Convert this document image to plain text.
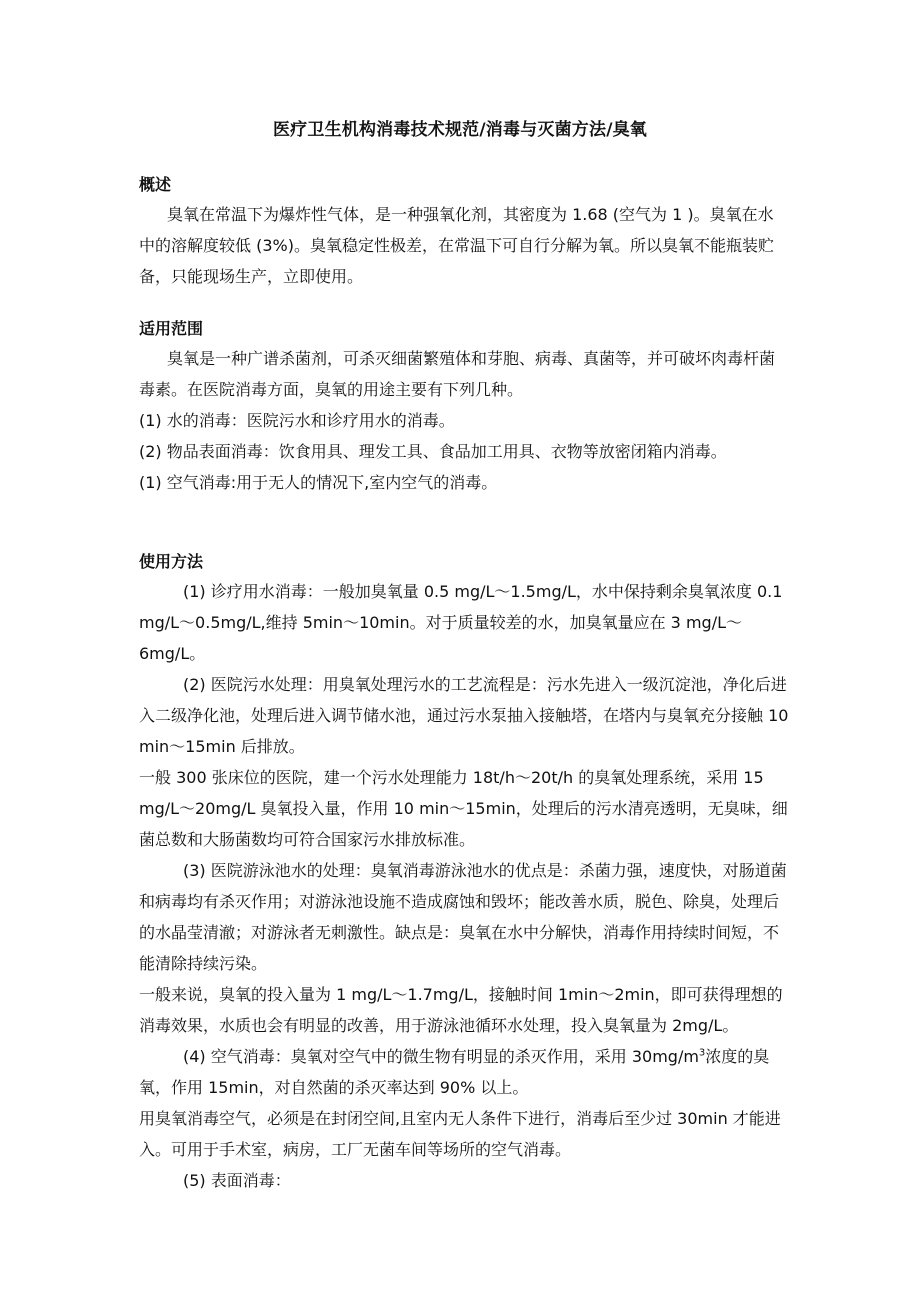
医疗卫生机构消毒技术规范/消毒与灭菌方法/臭氧
概述

臭氧在常温下为爆炸性气体，是一种强氧化剂，其密度为 1.68 (空气为 1 )。臭氧在水中的溶解度较低 (3%)。臭氧稳定性极差，在常温下可自行分解为氧。所以臭氧不能瓶装贮备，只能现场生产，立即使用。

适用范围

臭氧是一种广谱杀菌剂，可杀灭细菌繁殖体和芽胞、病毒、真菌等，并可破坏肉毒杆菌毒素。在医院消毒方面，臭氧的用途主要有下列几种。

(1) 水的消毒：医院污水和诊疗用水的消毒。

(2) 物品表面消毒：饮食用具、理发工具、食品加工用具、衣物等放密闭箱内消毒。

(1) 空气消毒:用于无人的情况下,室内空气的消毒。

使用方法

(1) 诊疗用水消毒：一般加臭氧量 0.5 mg/L～1.5mg/L，水中保持剩余臭氧浓度 0.1 mg/L～0.5mg/L,维持 5min～10min。对于质量较差的水，加臭氧量应在 3 mg/L～6mg/L。

(2) 医院污水处理：用臭氧处理污水的工艺流程是：污水先进入一级沉淀池，净化后进入二级净化池，处理后进入调节储水池，通过污水泵抽入接触塔，在塔内与臭氧充分接触 10 min～15min 后排放。

一般 300 张床位的医院，建一个污水处理能力 18t/h～20t/h 的臭氧处理系统，采用 15 mg/L～20mg/L 臭氧投入量，作用 10 min～15min，处理后的污水清亮透明，无臭味，细菌总数和大肠菌数均可符合国家污水排放标准。

(3) 医院游泳池水的处理：臭氧消毒游泳池水的优点是：杀菌力强，速度快，对肠道菌和病毒均有杀灭作用；对游泳池设施不造成腐蚀和毁坏；能改善水质，脱色、除臭，处理后的水晶莹清澈；对游泳者无刺激性。缺点是：臭氧在水中分解快，消毒作用持续时间短，不能清除持续污染。

一般来说，臭氧的投入量为 1 mg/L～1.7mg/L，接触时间 1min～2min，即可获得理想的消毒效果，水质也会有明显的改善，用于游泳池循环水处理，投入臭氧量为 2mg/L。

(4) 空气消毒：臭氧对空气中的微生物有明显的杀灭作用，采用 $30mg/m^3$浓度的臭氧，作用 15min，对自然菌的杀灭率达到 90% 以上。

用臭氧消毒空气，必须是在封闭空间,且室内无人条件下进行，消毒后至少过 30min 才能进入。可用于手术室，病房，工厂无菌车间等场所的空气消毒。

(5) 表面消毒：
